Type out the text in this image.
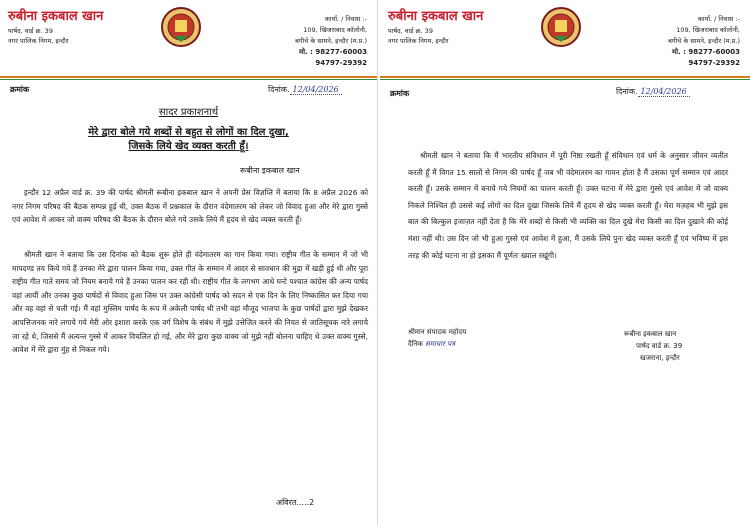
रुबीना इकबाल खान
पार्षद, वार्ड क्र. 39
नगर पालिक निगम, इन्दौर
कार्या. / निवास :-
109, खिजराबाद कॉलोनी,
बगीचे के सामने, इन्दौर (म.प्र.)
मो. : 98277-60003
94797-29392
क्रमांक	दिनांक. 12/04/2026
सादर प्रकाशनार्थ
मेरे द्वारा बोले गये शब्दों से बहुत से लोगों का दिल दुखा,
जिसके लिये खेद व्यक्त करती हूँ।
रूबीना इकबाल खान
इन्दौर 12 अप्रैल वार्ड क्र. 39 की पार्षद श्रीमती रूबीना इकबाल खान ने अपनी प्रेस विज्ञप्ति में बताया कि 8 अप्रैल 2026 को नगर निगम परिषद की बैठक सम्पन्न हुई थी, उक्त बैठक में प्रश्नकाल के दौरान वंदेमातरम को लेकर जो विवाद हुआ और मेरे द्वारा गुस्से एवं आवेश में आकर जो वाक्य परिषद की बैठक के दौरान बोले गये उसके लिये मैं हृदय से खेद व्यक्त करती हूँ।
श्रीमती खान ने बताया कि उस दिनांक को बैठक शुरू होते ही वंदेमातरम का गान किया गया। राष्ट्रीय गीत के सम्मान में जो भी मापदण्ड तय किये गये हैं उनका मेरे द्वारा पालन किया गया, उक्त गीत के सम्मान में आदर से सावधान की मुद्रा में खड़ी हुई थी और पूरा राष्ट्रीय गीत गाते समय जो नियम बनाये गये हैं उनका पालन कर रही थी। राष्ट्रीय गीत के लगभग आधे घन्टे पश्चात कांग्रेस की अन्य पार्षद वहां आयीं और उनका कुछ पार्षदों से विवाद हुआ जिस पर उक्त कांग्रेसी पार्षद को सदन से एक दिन के लिए निष्कासित कर दिया गया और वह वहां से चली गई। मैं वहां मुस्लिम पार्षद के रूप में अकेली पार्षद थी तभी वहां मौजूद भाजपा के कुछ पार्षदों द्वारा मुझे देखकर आपत्तिजनक नारे लगाये गये मेरी ओर इशारा करके एक वर्ग विशेष के संबंध में मुझे उत्तेजित करने की नियत से जातिसूचक नारे लगाये जा रहे थे, जिससे मैं अत्यन्त गुस्से में आकर विचलित हो गई, और मेरे द्वारा कुछ वाक्य जो मुझे नहीं बोलना चाहिए थे उक्त वाक्य गुस्से, आवेश में मेरे द्वारा मुंह से निकल गये।
अविरत.....2
रुबीना इकबाल खान
पार्षद, वार्ड क्र. 39
नगर पालिक निगम, इन्दौर
कार्या. / निवास :-
109, खिजराबाद कॉलोनी,
बगीचे के सामने, इन्दौर (म.प्र.)
मो. : 98277-60003
94797-29392
क्रमांक	दिनांक. 12/04/2026
श्रीमती खान ने बताया कि मैं भारतीय संविधान में पूरी निष्ठा रखती हूँ संविधान एवं धर्म के अनुसार जीवन व्यतीत करती हूँ मैं विगत 15 सालों से निगम की पार्षद हूँ जब भी वंदेमातरम का गायन होता है मैं उसका पूर्ण सम्मान एवं आदर करती हूँ। उसके सम्मान में बनाये गये नियमों का पालन करती हूँ। उक्त घटना में मेरे द्वारा गुस्से एवं आवेश में जो वाक्य निकले निश्चित ही उससे कई लोगों का दिल दुखा जिसके लिये मैं हृदय से खेद व्यक्त करती हूँ। मेरा मज़हब भी मुझे इस बात की बिल्कुल इजाज़त नहीं देता है कि मेरे शब्दों से किसी भी व्यक्ति का दिल दुखे मेरा किसी का दिल दुखाने की कोई मंशा नहीं थी। उस दिन जो भी हुआ गुस्से एवं आवेश में हुआ, मैं उसके लिये पुनः खेद व्यक्त करती हूँ एवं भविष्य में इस तरह की कोई घटना ना हो इसका मैं पूर्णतः ख्याल रखूंगी।
श्रीमान संपादक महोदय
दैनिक समाचार पत्र
रूबीना इकबाल खान
पार्षद वार्ड क्र. 39
खजराना, इन्दौर
